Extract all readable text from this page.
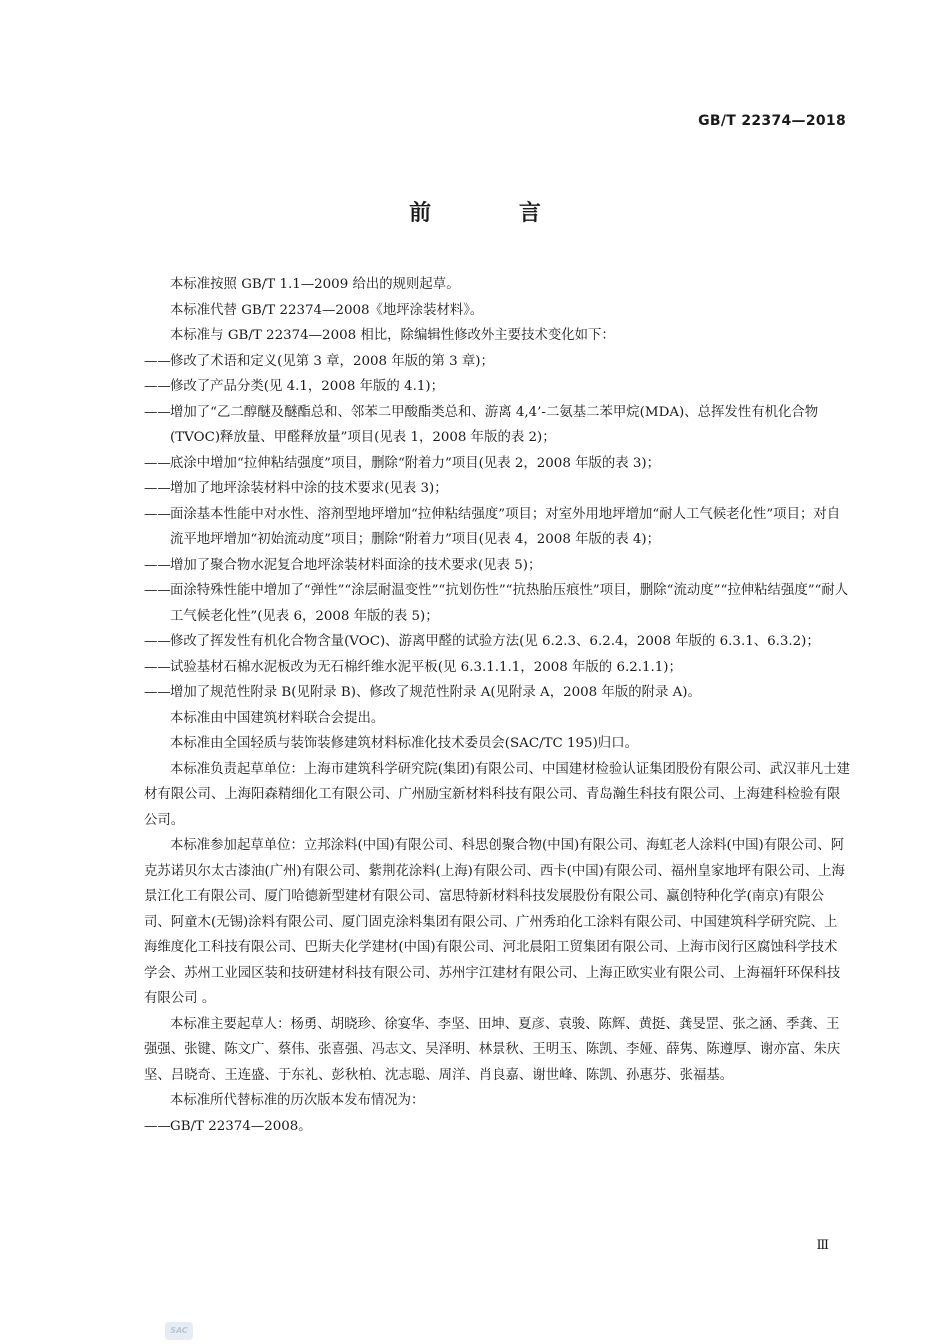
GB/T 22374—2018
前 言

本标准按照 GB/T 1.1—2009 给出的规则起草。

本标准代替 GB/T 22374—2008《地坪涂装材料》。

本标准与 GB/T 22374—2008 相比，除编辑性修改外主要技术变化如下：

—— 修改了术语和定义(见第 3 章，2008 年版的第 3 章)；

—— 修改了产品分类(见 4.1，2008 年版的 4.1)；

—— 增加了“乙二醇醚及醚酯总和、邻苯二甲酸酯类总和、游离 4,4’-二氨基二苯甲烷(MDA)、总挥发性有机化合物(TVOC)释放量、甲醛释放量”项目(见表 1，2008 年版的表 2)；

—— 底涂中增加“拉伸粘结强度”项目，删除“附着力”项目(见表 2，2008 年版的表 3)；

—— 增加了地坪涂装材料中涂的技术要求(见表 3)；

—— 面涂基本性能中对水性、溶剂型地坪增加“拉伸粘结强度”项目；对室外用地坪增加“耐人工气候老化性”项目；对自流平地坪增加“初始流动度”项目；删除“附着力”项目(见表 4，2008 年版的表 4)；

—— 增加了聚合物水泥复合地坪涂装材料面涂的技术要求(见表 5)；

—— 面涂特殊性能中增加了“弹性”“涂层耐温变性”“抗划伤性”“抗热胎压痕性”项目，删除“流动度”“拉伸粘结强度”“耐人工气候老化性”(见表 6，2008 年版的表 5)；

—— 修改了挥发性有机化合物含量(VOC)、游离甲醛的试验方法(见 6.2.3、6.2.4，2008 年版的 6.3.1、6.3.2)；

—— 试验基材石棉水泥板改为无石棉纤维水泥平板(见 6.3.1.1.1，2008 年版的 6.2.1.1)；

—— 增加了规范性附录 B(见附录 B)、修改了规范性附录 A(见附录 A，2008 年版的附录 A)。

本标准由中国建筑材料联合会提出。

本标准由全国轻质与装饰装修建筑材料标准化技术委员会(SAC/TC 195)归口。

本标准负责起草单位：上海市建筑科学研究院(集团)有限公司、中国建材检验认证集团股份有限公司、武汉菲凡士建材有限公司、上海阳森精细化工有限公司、广州励宝新材料科技有限公司、青岛瀚生科技有限公司、上海建科检验有限公司。

本标准参加起草单位：立邦涂料(中国)有限公司、科思创聚合物(中国)有限公司、海虹老人涂料(中国)有限公司、阿克苏诺贝尔太古漆油(广州)有限公司、紫荆花涂料(上海)有限公司、西卡(中国)有限公司、福州皇家地坪有限公司、上海景江化工有限公司、厦门哈德新型建材有限公司、富思特新材料科技发展股份有限公司、赢创特种化学(南京)有限公司、阿童木(无锡)涂料有限公司、厦门固克涂料集团有限公司、广州秀珀化工涂料有限公司、中国建筑科学研究院、上海维度化工科技有限公司、巴斯夫化学建材(中国)有限公司、河北晨阳工贸集团有限公司、上海市闵行区腐蚀科学技术学会、苏州工业园区装和技研建材科技有限公司、苏州宇江建材有限公司、上海正欧实业有限公司、上海福轩环保科技有限公司 。

本标准主要起草人：杨勇、胡晓珍、徐宴华、李坚、田坤、夏彦、袁骏、陈辉、黄挺、龚旻罡、张之涵、季龚、王强强、张键、陈文广、蔡伟、张喜强、冯志文、吴泽明、林景秋、王明玉、陈凯、李娅、薛隽、陈遵厚、谢亦富、朱庆坚、吕晓奇、王连盛、于东礼、彭秋柏、沈志聪、周洋、肖良嘉、谢世峰、陈凯、孙惠芬、张福基。

本标准所代替标准的历次版本发布情况为：

—— GB/T 22374—2008。

Ⅲ
SAC
